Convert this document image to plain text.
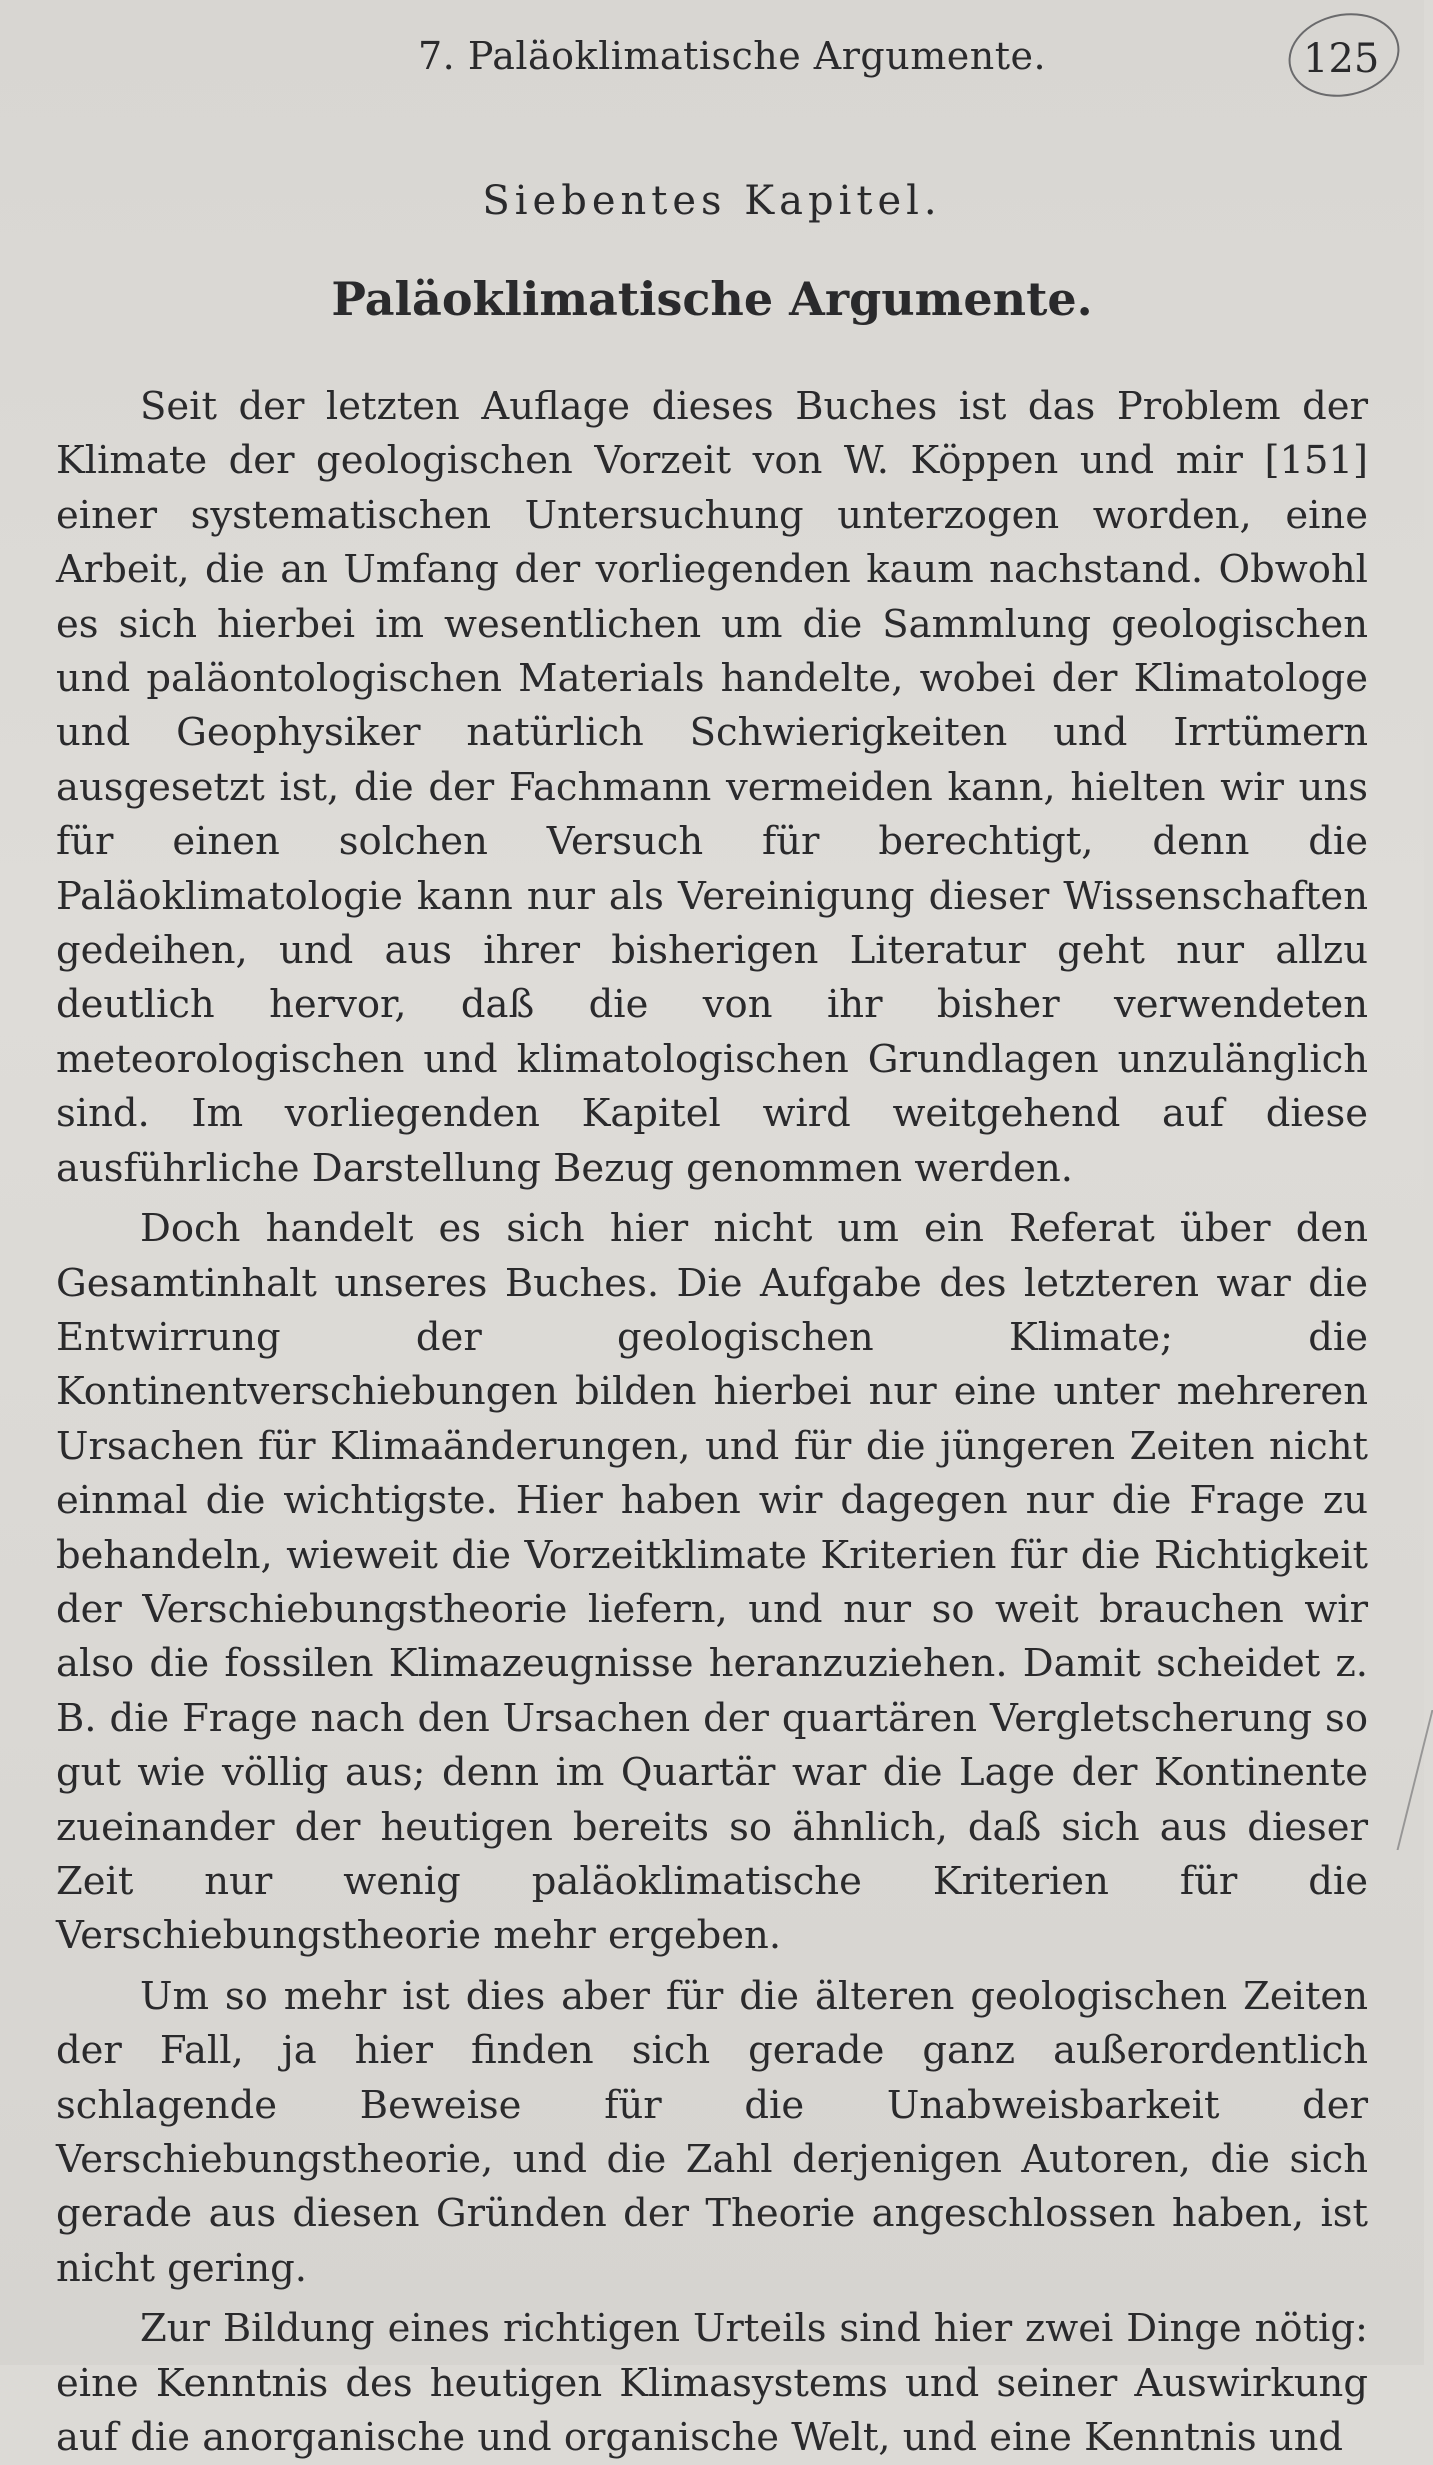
7. Paläoklimatische Argumente.	125
Siebentes Kapitel.
Paläoklimatische Argumente.

Seit der letzten Auflage dieses Buches ist das Problem der Klimate der geologischen Vorzeit von W. Köppen und mir [151] einer systematischen Untersuchung unterzogen worden, eine Arbeit, die an Umfang der vorliegenden kaum nachstand. Obwohl es sich hierbei im wesentlichen um die Sammlung geologischen und paläontologischen Materials handelte, wobei der Klimatologe und Geophysiker natürlich Schwierigkeiten und Irrtümern ausgesetzt ist, die der Fachmann vermeiden kann, hielten wir uns für einen solchen Versuch für berechtigt, denn die Paläoklimatologie kann nur als Vereinigung dieser Wissenschaften gedeihen, und aus ihrer bisherigen Literatur geht nur allzu deutlich hervor, daß die von ihr bisher verwendeten meteorologischen und klimatologischen Grundlagen unzulänglich sind. Im vorliegenden Kapitel wird weitgehend auf diese ausführliche Darstellung Bezug genommen werden.

Doch handelt es sich hier nicht um ein Referat über den Gesamtinhalt unseres Buches. Die Aufgabe des letzteren war die Entwirrung der geologischen Klimate; die Kontinentverschiebungen bilden hierbei nur eine unter mehreren Ursachen für Klimaänderungen, und für die jüngeren Zeiten nicht einmal die wichtigste. Hier haben wir dagegen nur die Frage zu behandeln, wieweit die Vorzeitklimate Kriterien für die Richtigkeit der Verschiebungstheorie liefern, und nur so weit brauchen wir also die fossilen Klimazeugnisse heranzuziehen. Damit scheidet z. B. die Frage nach den Ursachen der quartären Vergletscherung so gut wie völlig aus; denn im Quartär war die Lage der Kontinente zueinander der heutigen bereits so ähnlich, daß sich aus dieser Zeit nur wenig paläoklimatische Kriterien für die Verschiebungstheorie mehr ergeben.

Um so mehr ist dies aber für die älteren geologischen Zeiten der Fall, ja hier finden sich gerade ganz außerordentlich schlagende Beweise für die Unabweisbarkeit der Verschiebungstheorie, und die Zahl derjenigen Autoren, die sich gerade aus diesen Gründen der Theorie angeschlossen haben, ist nicht gering.

Zur Bildung eines richtigen Urteils sind hier zwei Dinge nötig: eine Kenntnis des heutigen Klimasystems und seiner Auswirkung auf die anorganische und organische Welt, und eine Kenntnis und
